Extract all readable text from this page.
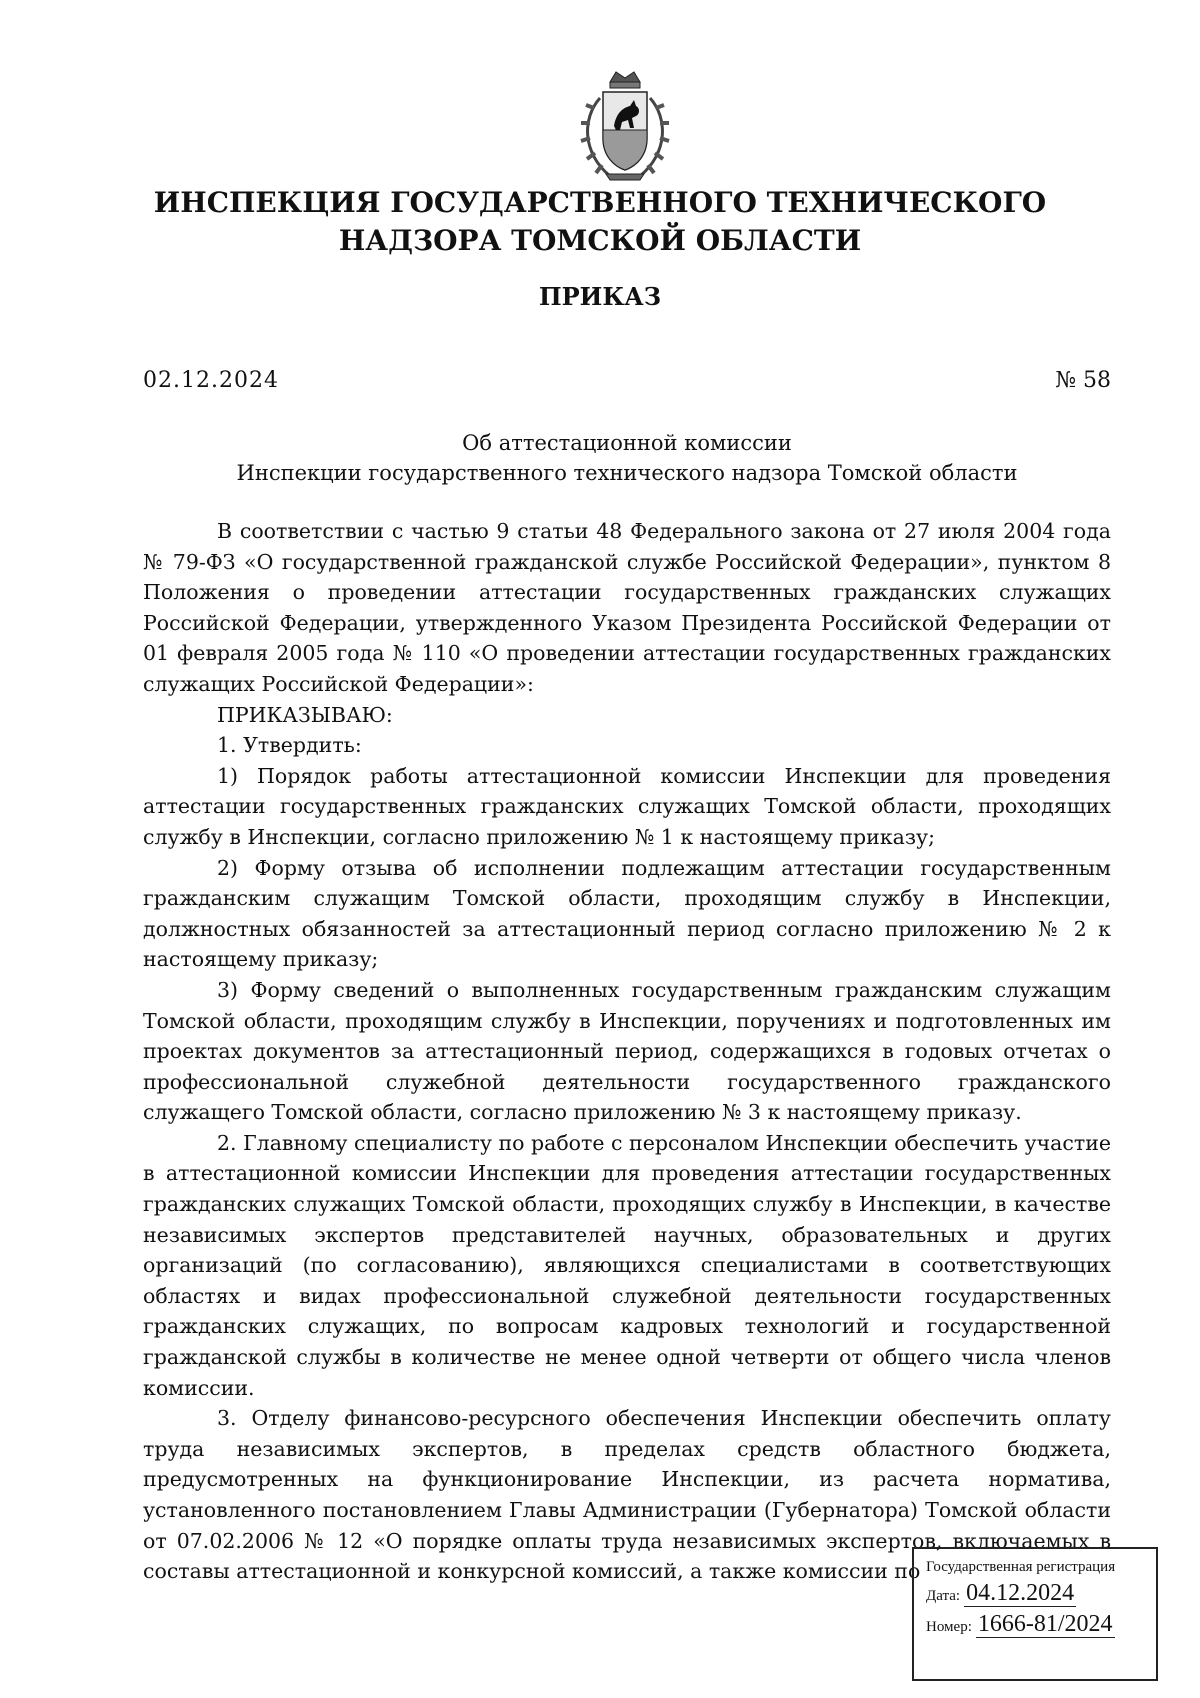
ИНСПЕКЦИЯ ГОСУДАРСТВЕННОГО ТЕХНИЧЕСКОГО
НАДЗОРА ТОМСКОЙ ОБЛАСТИ
ПРИКАЗ
02.12.2024	№ 58
Об аттестационной комиссии
Инспекции государственного технического надзора Томской области

В соответствии с частью 9 статьи 48 Федерального закона от 27 июля 2004 года № 79-ФЗ «О государственной гражданской службе Российской Федерации», пунктом 8 Положения о проведении аттестации государственных гражданских служащих Российской Федерации, утвержденного Указом Президента Российской Федерации от 01 февраля 2005 года № 110 «О проведении аттестации государственных гражданских служащих Российской Федерации»:

ПРИКАЗЫВАЮ:

1. Утвердить:

1) Порядок работы аттестационной комиссии Инспекции для проведения аттестации государственных гражданских служащих Томской области, проходящих службу в Инспекции, согласно приложению № 1 к настоящему приказу;

2) Форму отзыва об исполнении подлежащим аттестации государственным гражданским служащим Томской области, проходящим службу в Инспекции, должностных обязанностей за аттестационный период согласно приложению № 2 к настоящему приказу;

3) Форму сведений о выполненных государственным гражданским служащим Томской области, проходящим службу в Инспекции, поручениях и подготовленных им проектах документов за аттестационный период, содержащихся в годовых отчетах о профессиональной служебной деятельности государственного гражданского служащего Томской области, согласно приложению № 3 к настоящему приказу.

2. Главному специалисту по работе с персоналом Инспекции обеспечить участие в аттестационной комиссии Инспекции для проведения аттестации государственных гражданских служащих Томской области, проходящих службу в Инспекции, в качестве независимых экспертов представителей научных, образовательных и других организаций (по согласованию), являющихся специалистами в соответствующих областях и видах профессиональной служебной деятельности государственных гражданских служащих, по вопросам кадровых технологий и государственной гражданской службы в количестве не менее одной четверти от общего числа членов комиссии.

3. Отделу финансово-ресурсного обеспечения Инспекции обеспечить оплату труда независимых экспертов, в пределах средств областного бюджета, предусмотренных на функционирование Инспекции, из расчета норматива, установленного постановлением Главы Администрации (Губернатора) Томской области от 07.02.2006 № 12 «О порядке оплаты труда независимых экспертов, включаемых в составы аттестационной и конкурсной комиссий, а также комиссии по Государственная регистрация
Дата: 04.12.2024
Номер: 1666-81/2024
